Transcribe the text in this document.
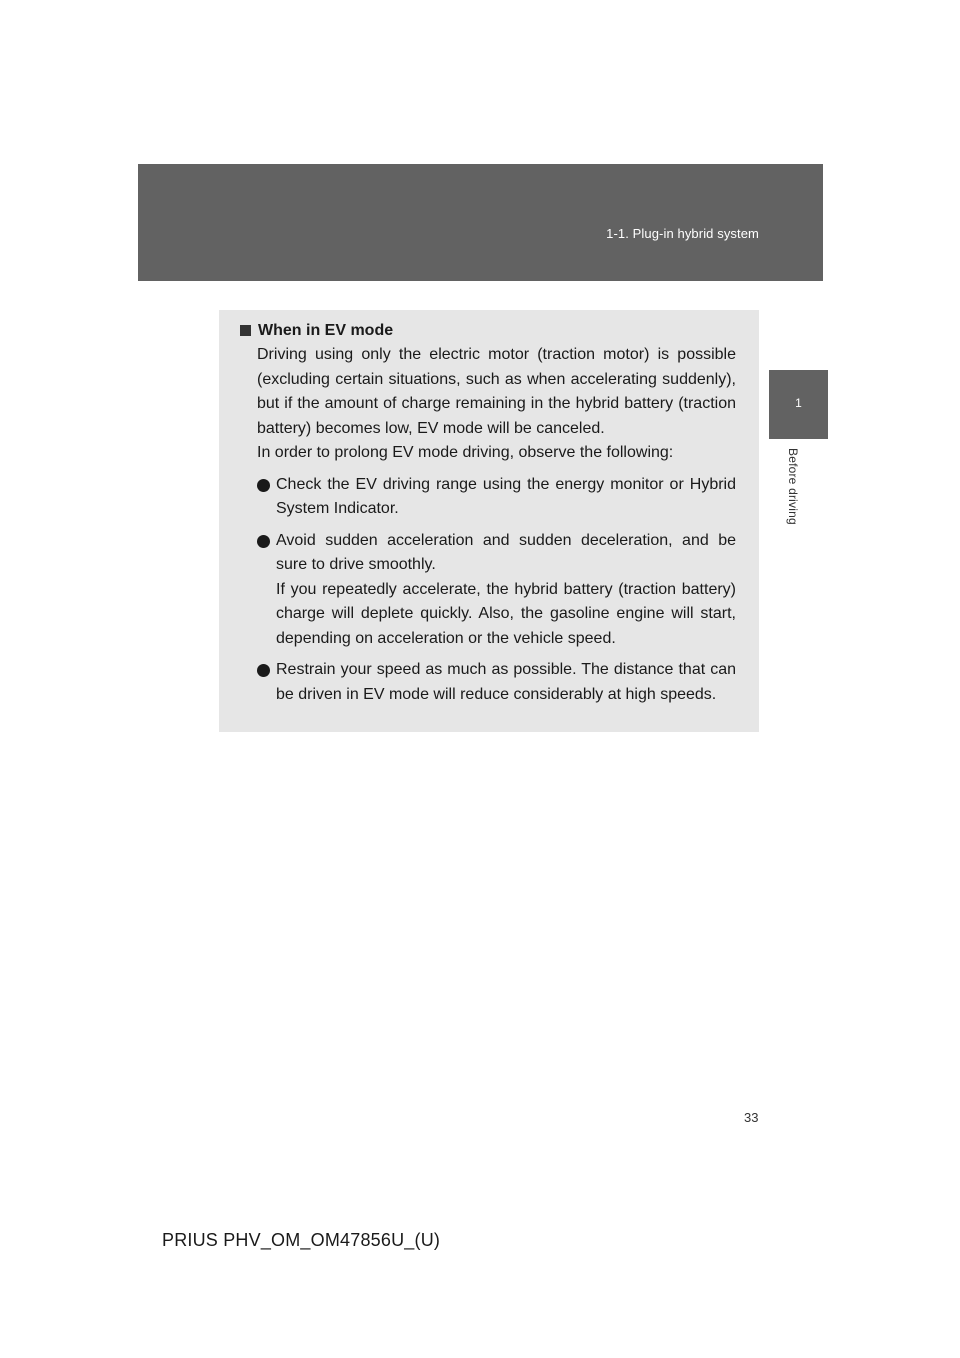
1-1. Plug-in hybrid system
1
Before driving
When in EV mode
Driving using only the electric motor (traction motor) is possible (excluding certain situations, such as when accelerating suddenly), but if the amount of charge remaining in the hybrid battery (traction battery) becomes low, EV mode will be canceled.
In order to prolong EV mode driving, observe the following:
Check the EV driving range using the energy monitor or Hybrid System Indicator.
Avoid sudden acceleration and sudden deceleration, and be sure to drive smoothly.
If you repeatedly accelerate, the hybrid battery (traction battery) charge will deplete quickly. Also, the gasoline engine will start, depending on acceleration or the vehicle speed.
Restrain your speed as much as possible. The distance that can be driven in EV mode will reduce considerably at high speeds.
33
PRIUS PHV_OM_OM47856U_(U)
